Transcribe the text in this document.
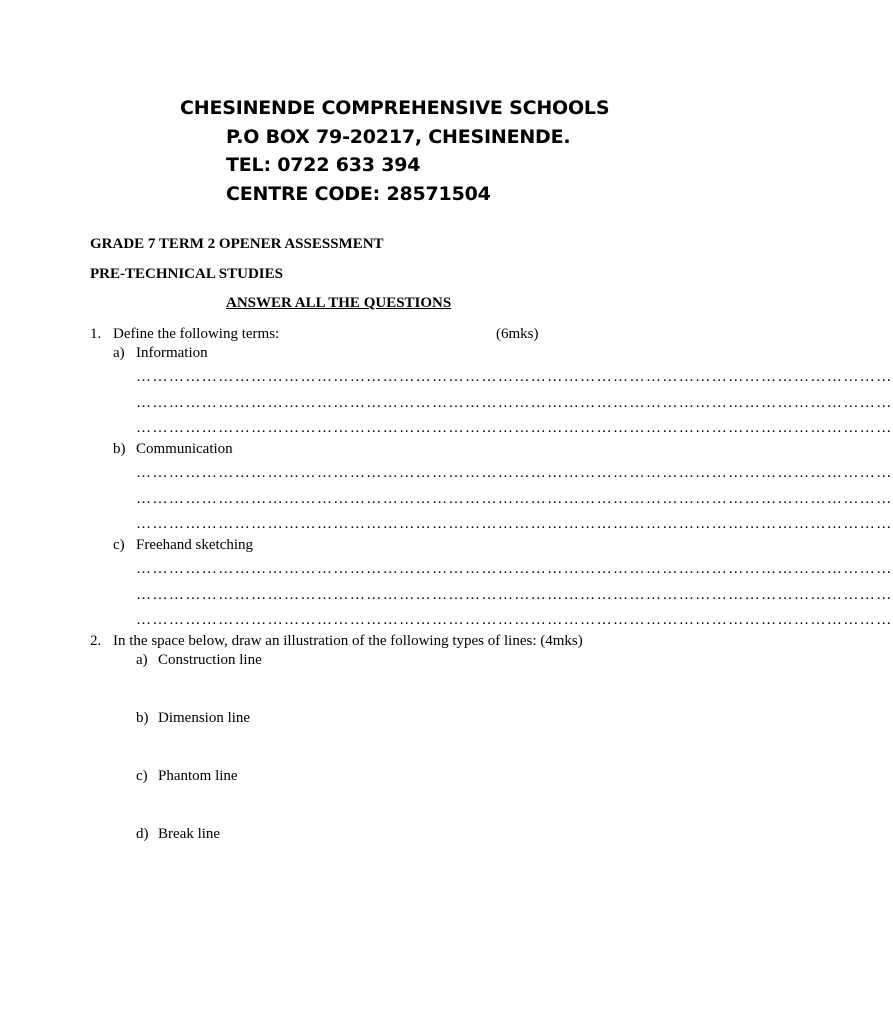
CHESINENDE COMPREHENSIVE SCHOOLS
P.O BOX 79-20217, CHESINENDE.
TEL: 0722 633 394
CENTRE CODE: 28571504
GRADE 7 TERM 2 OPENER ASSESSMENT
PRE-TECHNICAL STUDIES
ANSWER ALL THE QUESTIONS
1. Define the following terms:	(6mks)
a) Information
…………………………………………………………………………………………………………………………
…………………………………………………………………………………………………………………………
…………………………………………………………………………………………………………………………
b) Communication
…………………………………………………………………………………………………………………………
…………………………………………………………………………………………………………………………
…………………………………………………………………………………………………………………………
c) Freehand sketching
…………………………………………………………………………………………………………………………
…………………………………………………………………………………………………………………………
…………………………………………………………………………………………………………………………
2. In the space below, draw an illustration of the following types of lines: (4mks)
a) Construction line
b) Dimension line
c) Phantom line
d) Break line
